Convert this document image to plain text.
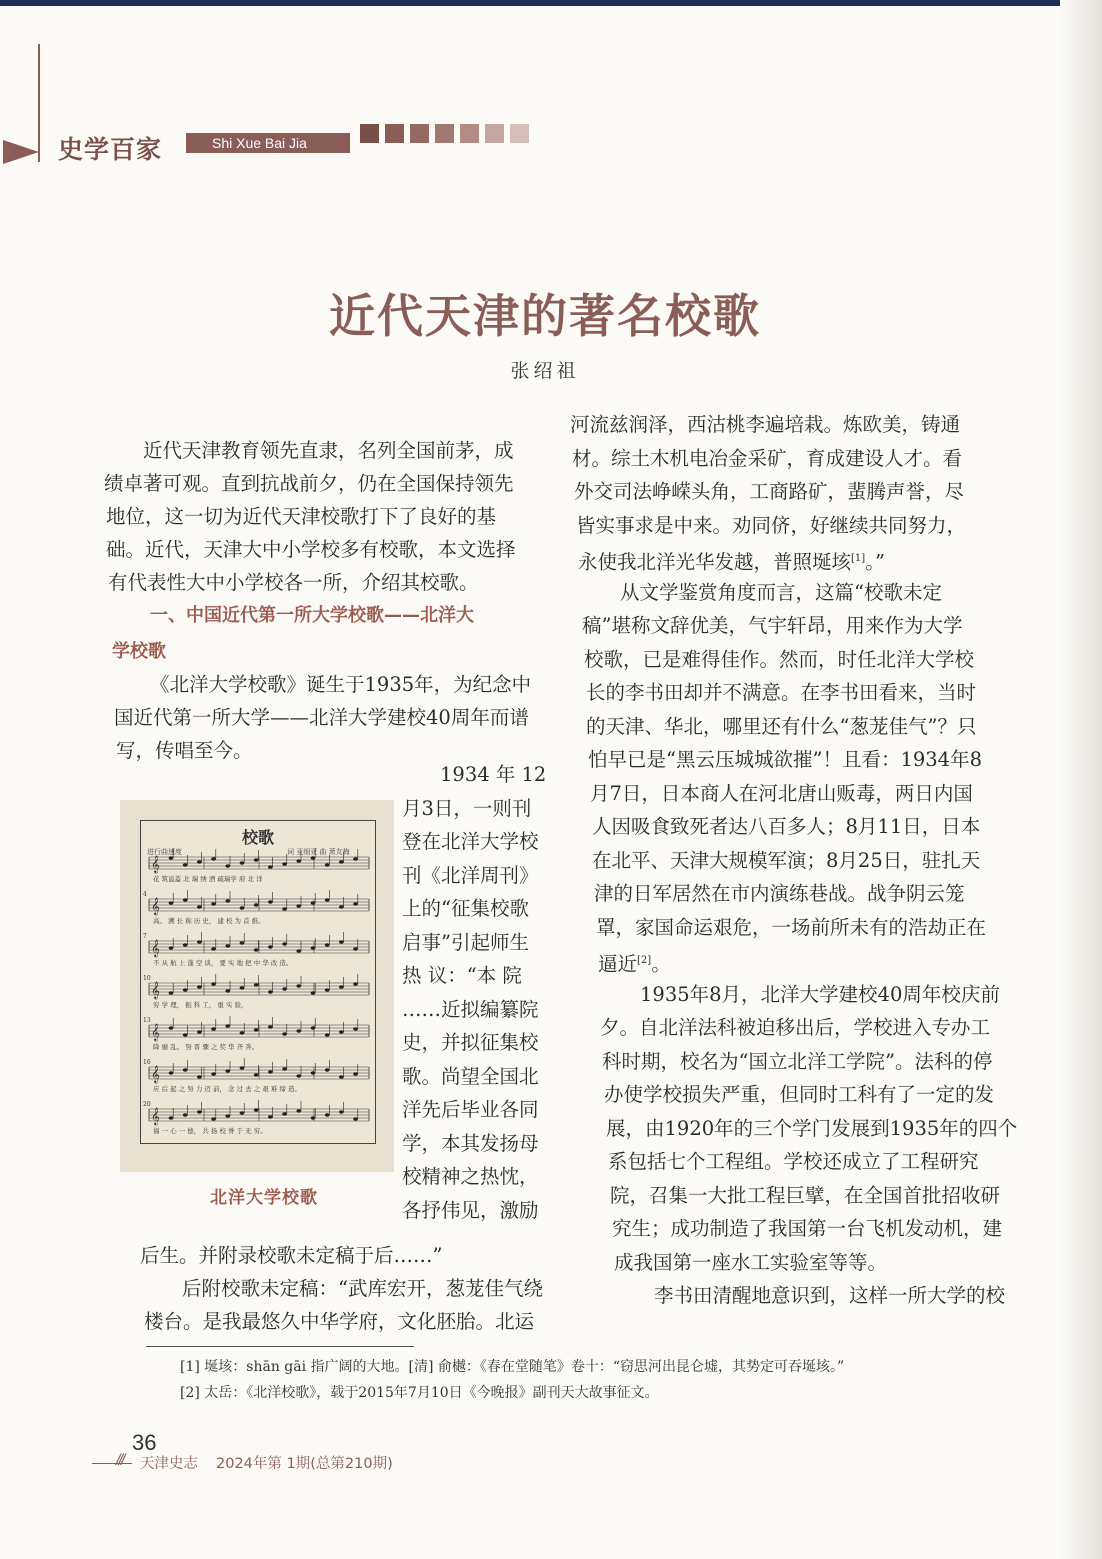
史学百家	Shi Xue Bai Jia
近代天津的著名校歌
张绍祖
近代天津教育领先直隶，名列全国前茅，成
绩卓著可观。直到抗战前夕，仍在全国保持领先
地位，这一切为近代天津校歌打下了良好的基
础。近代，天津大中小学校多有校歌，本文选择
有代表性大中小学校各一所，介绍其校歌。
一、中国近代第一所大学校歌——北洋大
学校歌
《北洋大学校歌》诞生于1935年，为纪念中
国近代第一所大学——北洋大学建校40周年而谱
写，传唱至今。
1934 年 12
月3日，一则刊
登在北洋大学校
刊《北洋周刊》
上的“征集校歌
启事”引起师生
热 议：“本 院
……近拟编纂院
史，并拟征集校
歌。尚望全国北
洋先后毕业各同
学，本其发扬母
校精神之热忱，
各抒伟见，激励
后生。并附录校歌未定稿于后……”
后附校歌未定稿：“武库宏开，葱茏佳气绕
楼台。是我最悠久中华学府，文化胚胎。北运
河流兹润泽，西沽桃李遍培栽。炼欧美，铸通
材。综土木机电冶金采矿，育成建设人才。看
外交司法峥嵘头角，工商路矿，蜚腾声誉，尽
皆实事求是中来。劝同侪，好继续共同努力，
永使我北洋光华发越，普照埏垓[1]。”
从文学鉴赏角度而言，这篇“校歌未定
稿”堪称文辞优美，气宇轩昂，用来作为大学
校歌，已是难得佳作。然而，时任北洋大学校
长的李书田却并不满意。在李书田看来，当时
的天津、华北，哪里还有什么“葱茏佳气”？只
怕早已是“黑云压城城欲摧”！且看：1934年8
月7日，日本商人在河北唐山贩毒，两日内国
人因吸食致死者达八百多人；8月11日，日本
在北平、天津大规模军演；8月25日，驻扎天
津的日军居然在市内演练巷战。战争阴云笼
罩，家国命运艰危，一场前所未有的浩劫正在
逼近[2]。
1935年8月，北洋大学建校40周年校庆前
夕。自北洋法科被迫移出后，学校进入专办工
科时期，校名为“国立北洋工学院”。法科的停
办使学校损失严重，但同时工科有了一定的发
展，由1920年的三个学门发展到1935年的四个
系包括七个工程组。学校还成立了工程研究
院，召集一大批工程巨擘，在全国首批招收研
究生；成功制造了我国第一台飞机发动机，建
成我国第一座水工实验室等等。
李书田清醒地意识到，这样一所大学的校
校歌
进行曲速度	词 亚细亚 曲 萧友梅
𝄞
花 筑溢蓋 北 瑞 绣 酒 疏瑞学 府 北 洋
𝄞
高。 溯 长 称 历 史， 建 校 为 首 推。
4
𝄞
不 从 航 上 蓬 空 谈， 要 实 地 把 中 华 改 造。
7
𝄞
穷 学 理， 振 科 工， 重 实 验，
10
𝄞
降 靡 乱。 努 晋 骤 之 奖 华 齐 奔。
13
𝄞
应 后 起 之 努 力 迈 前， 念 过 去 之 艰 难 缔 造。
16
𝄞
福 一 心 一 德， 共 扬 校 誉 于 无 穷。
20
北洋大学校歌
[1] 埏垓：shān gāi 指广阔的大地。[清] 俞樾：《春在堂随笔》卷十：“窃思河出昆仑墟，其势定可吞埏垓。”
[2] 太岳：《北洋校歌》，载于2015年7月10日《今晚报》副刊天大故事征文。
36
/// 天津史志 2024年第 1期(总第210期)
